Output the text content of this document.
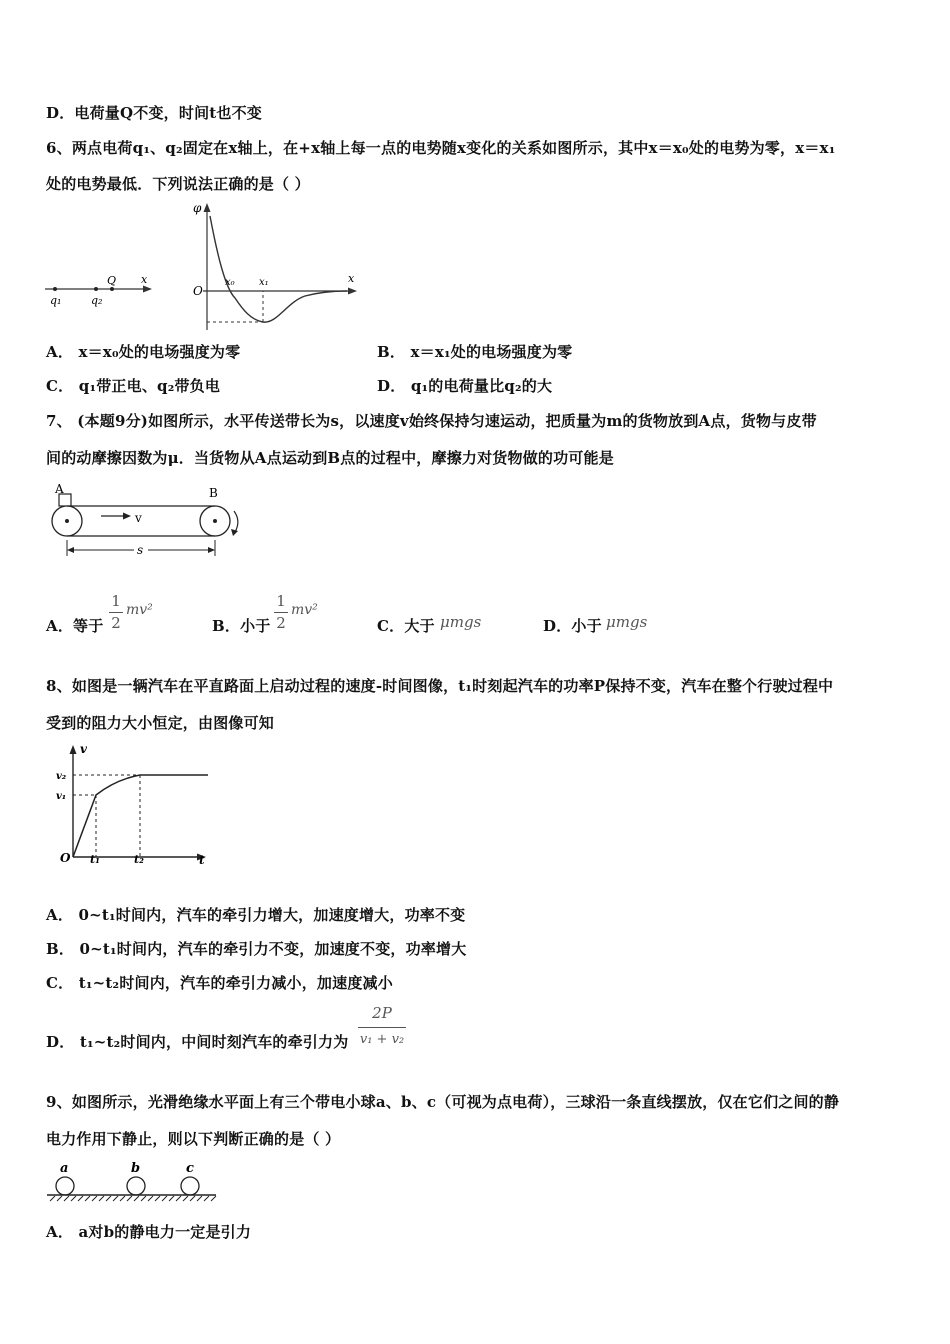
D．电荷量Q不变，时间t也不变
6、两点电荷q₁、q₂固定在x轴上，在+x轴上每一点的电势随x变化的关系如图所示，其中x＝x₀处的电势为零，x＝x₁
处的电势最低．下列说法正确的是（ ）
q₁	q₂
Q x
φ
O
x₀ x₁	x
A． x＝x₀处的电场强度为零	B． x＝x₁处的电场强度为零
C． q₁带正电、q₂带负电	D． q₁的电荷量比q₂的大
7、 (本题9分)如图所示，水平传送带长为s，以速度v始终保持匀速运动，把质量为m的货物放到A点，货物与皮带
间的动摩擦因数为μ．当货物从A点运动到B点的过程中，摩擦力对货物做的功可能是
A	B
v
s
A．等于
1
2
mv²
B．小于
1
2
mv²
C．大于 μmgs	D．小于 μmgs
8、如图是一辆汽车在平直路面上启动过程的速度-时间图像，t₁时刻起汽车的功率P保持不变，汽车在整个行驶过程中
受到的阻力大小恒定，由图像可知
v
v₂
v₁
O t₁	t₂	t
A． 0~t₁时间内，汽车的牵引力增大，加速度增大，功率不变
B． 0~t₁时间内，汽车的牵引力不变，加速度不变，功率增大
C． t₁~t₂时间内，汽车的牵引力减小，加速度减小
D． t₁~t₂时间内，中间时刻汽车的牵引力为
2P
v₁ + v₂
9、如图所示，光滑绝缘水平面上有三个带电小球a、b、c（可视为点电荷），三球沿一条直线摆放，仅在它们之间的静
电力作用下静止，则以下判断正确的是（ ）
a	b	c
A． a对b的静电力一定是引力
